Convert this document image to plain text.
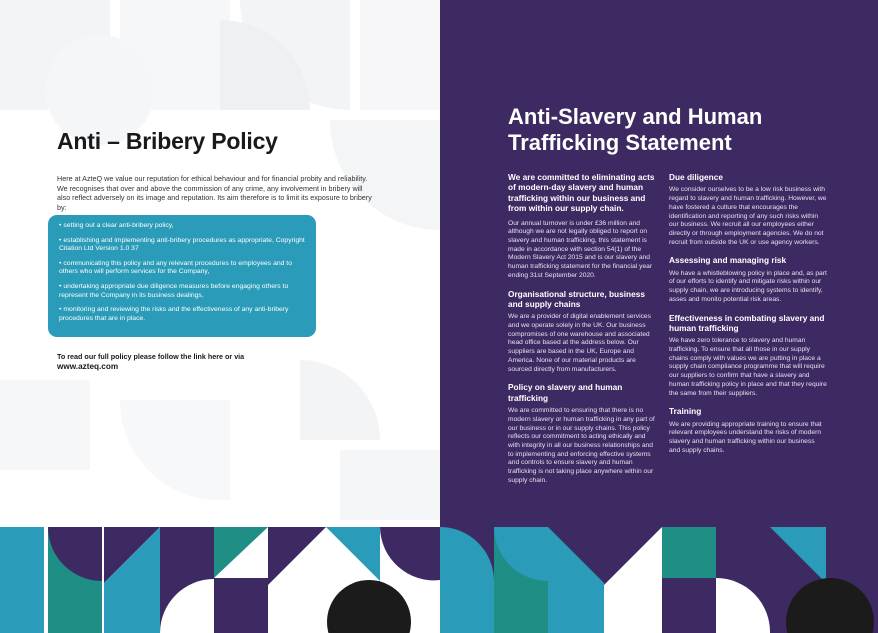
Anti – Bribery Policy

Here at AzteQ we value our reputation for ethical behaviour and for financial probity and reliability. We recognises that over and above the commission of any crime, any involvement in bribery will also reflect adversely on its image and reputation. Its aim therefore is to limit its exposure to bribery by:

• setting out a clear anti-bribery policy,
• establishing and implementing anti-bribery procedures as appropriate, Copyright Citation Ltd Version 1.0 37
• communicating this policy and any relevant procedures to employees and to others who will perform services for the Company,
• undertaking appropriate due diligence measures before engaging others to represent the Company in its business dealings,
• monitoring and reviewing the risks and the effectiveness of any anti-bribery procedures that are in place.
To read our full policy please follow the link here or via
www.azteq.com
Anti-Slavery and Human Trafficking Statement

We are committed to eliminating acts of modern-day slavery and human trafficking within our business and from within our supply chain.

Our annual turnover is under £36 million and although we are not legally obliged to report on slavery and human trafficking, this statement is made in accordance with section 54(1) of the Modern Slavery Act 2015 and is our slavery and human trafficking statement for the financial year ending 31st September 2020.

Organisational structure, business and supply chains

We are a provider of digital enablement services and we operate solely in the UK. Our business compromises of one warehouse and associated head office based at the address below. Our suppliers are based in the UK, Europe and America. None of our material products are sourced directly from manufacturers.

Policy on slavery and human trafficking

We are committed to ensuring that there is no modern slavery or human trafficking in any part of our business or in our supply chains. This policy reflects our commitment to acting ethically and with integrity in all our business relationships and to implementing and enforcing effective systems and controls to ensure slavery and human trafficking is not taking place anywhere within our supply chain.

Due diligence

We consider ourselves to be a low risk business with regard to slavery and human trafficking. However, we have fostered a culture that encourages the identification and reporting of any such risks within our business. We recruit all our employees either directly or through employment agencies. We do not recruit from outside the UK or use agency workers.

Assessing and managing risk

We have a whistleblowing policy in place and, as part of our efforts to identify and mitigate risks within our supply chain, we are introducing systems to identify, asses and monito potential risk areas.

Effectiveness in combating slavery and human trafficking

We have zero tolerance to slavery and human trafficking. To ensure that all those in our supply chains comply with values we are putting in place a supply chain compliance programme that will require our suppliers to confirm that have a slavery and human trafficking policy in place and that they require the same from their suppliers.

Training

We are providing appropriate training to ensure that relevant employees understand the risks of modern slavery and human trafficking within our business and supply chains.
